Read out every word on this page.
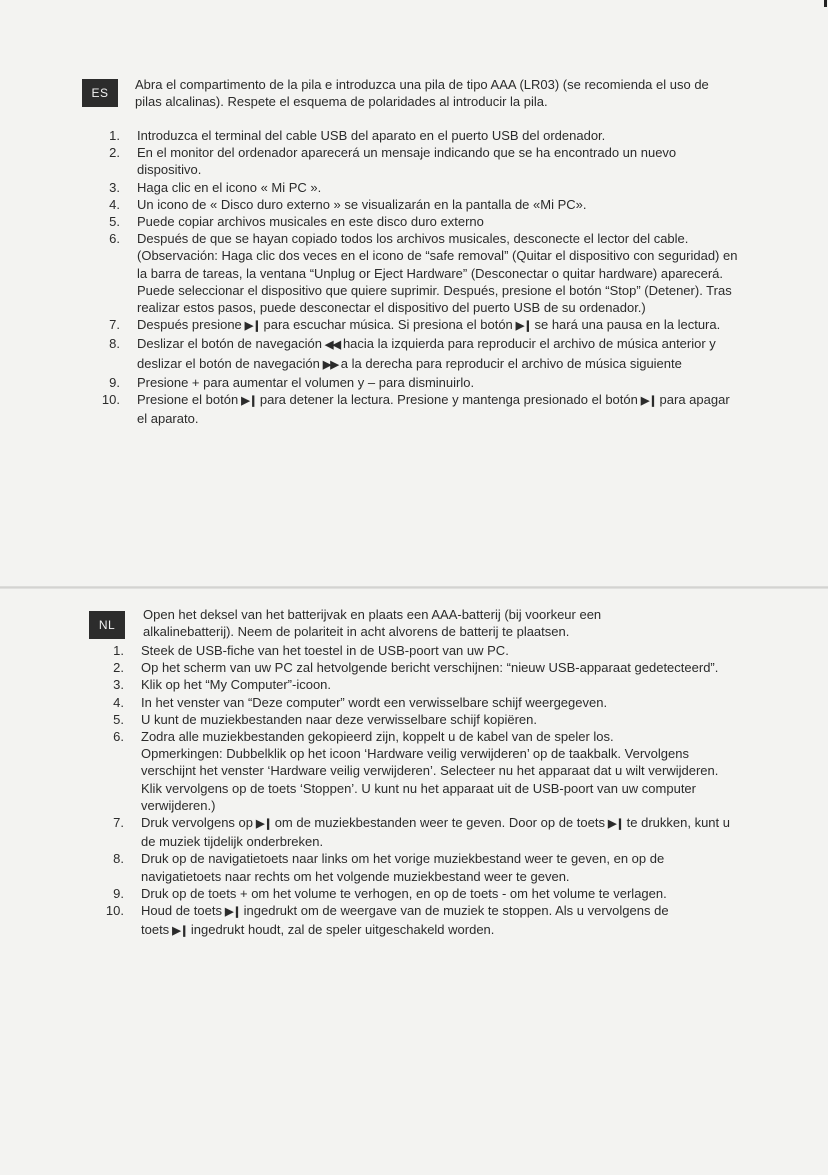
ES

Abra el compartimento de la pila e introduzca una pila de tipo AAA (LR03) (se recomienda el uso de pilas alcalinas). Respete el esquema de polaridades al introducir la pila.

1. Introduzca el terminal del cable USB del aparato en el puerto USB del ordenador.
2. En el monitor del ordenador aparecerá un mensaje indicando que se ha encontrado un nuevo dispositivo.
3. Haga clic en el icono « Mi PC ».
4. Un icono de « Disco duro externo » se visualizarán en la pantalla de «Mi PC».
5. Puede copiar archivos musicales en este disco duro externo
6. Después de que se hayan copiado todos los archivos musicales, desconecte el lector del cable.
(Observación: Haga clic dos veces en el icono de “safe removal” (Quitar el dispositivo con seguridad) en la barra de tareas, la ventana “Unplug or Eject Hardware” (Desconectar o quitar hardware) aparecerá. Puede seleccionar el dispositivo que quiere suprimir. Después, presione el botón “Stop” (Detener). Tras realizar estos pasos, puede desconectar el dispositivo del puerto USB de su ordenador.)
7. Después presione ▶❙ para escuchar música. Si presiona el botón ▶❙ se hará una pausa en la lectura.
8. Deslizar el botón de navegación ◀◀ hacia la izquierda para reproducir el archivo de música anterior y deslizar el botón de navegación ▶▶ a la derecha para reproducir el archivo de música siguiente
9. Presione + para aumentar el volumen y – para disminuirlo.
10. Presione el botón ▶❙ para detener la lectura. Presione y mantenga presionado el botón ▶❙ para apagar el aparato.
NL

Open het deksel van het batterijvak en plaats een AAA-batterij (bij voorkeur een alkalinebatterij). Neem de polariteit in acht alvorens de batterij te plaatsen.

1. Steek de USB-fiche van het toestel in de USB-poort van uw PC.
2. Op het scherm van uw PC zal hetvolgende bericht verschijnen: “nieuw USB-apparaat gedetecteerd”.
3. Klik op het “My Computer”-icoon.
4. In het venster van “Deze computer” wordt een verwisselbare schijf weergegeven.
5. U kunt de muziekbestanden naar deze verwisselbare schijf kopiëren.
6. Zodra alle muziekbestanden gekopieerd zijn, koppelt u de kabel van de speler los.
Opmerkingen: Dubbelklik op het icoon ‘Hardware veilig verwijderen’ op de taakbalk. Vervolgens verschijnt het venster ‘Hardware veilig verwijderen’. Selecteer nu het apparaat dat u wilt verwijderen. Klik vervolgens op de toets ‘Stoppen’. U kunt nu het apparaat uit de USB-poort van uw computer verwijderen.)
7. Druk vervolgens op ▶❙ om de muziekbestanden weer te geven. Door op de toets ▶❙ te drukken, kunt u de muziek tijdelijk onderbreken.
8. Druk op de navigatietoets naar links om het vorige muziekbestand weer te geven, en op de navigatietoets naar rechts om het volgende muziekbestand weer te geven.
9. Druk op de toets + om het volume te verhogen, en op de toets - om het volume te verlagen.
10. Houd de toets ▶❙ ingedrukt om de weergave van de muziek te stoppen. Als u vervolgens de toets ▶❙ ingedrukt houdt, zal de speler uitgeschakeld worden.
